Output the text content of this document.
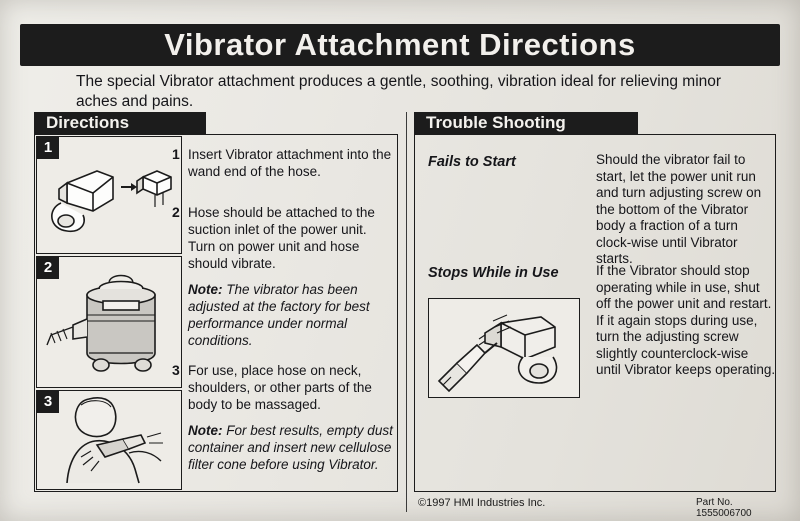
Vibrator Attachment Directions
The special Vibrator attachment produces a gentle, soothing, vibration ideal for relieving minor aches and pains.
Directions	Trouble Shooting
1
2
3
1 Insert Vibrator attachment into the wand end of the hose.
2 Hose should be attached to the suction inlet of the power unit. Turn on power unit and hose should vibrate.
Note: The vibrator has been adjusted at the factory for best performance under normal conditions.
3 For use, place hose on neck, shoulders, or other parts of the body to be massaged.
Note: For best results, empty dust container and insert new cellulose filter cone before using Vibrator.
Fails to Start	Should the vibrator fail to start, let the power unit run and turn adjusting screw on the bottom of the Vibrator body a fraction of a turn clock-wise until Vibrator starts.
Stops While in Use	If the Vibrator should stop operating while in use, shut off the power unit and restart. If it again stops during use, turn the adjusting screw slightly counterclock-wise until Vibrator keeps operating.
©1997 HMI Industries Inc.	Part No. 1555006700
